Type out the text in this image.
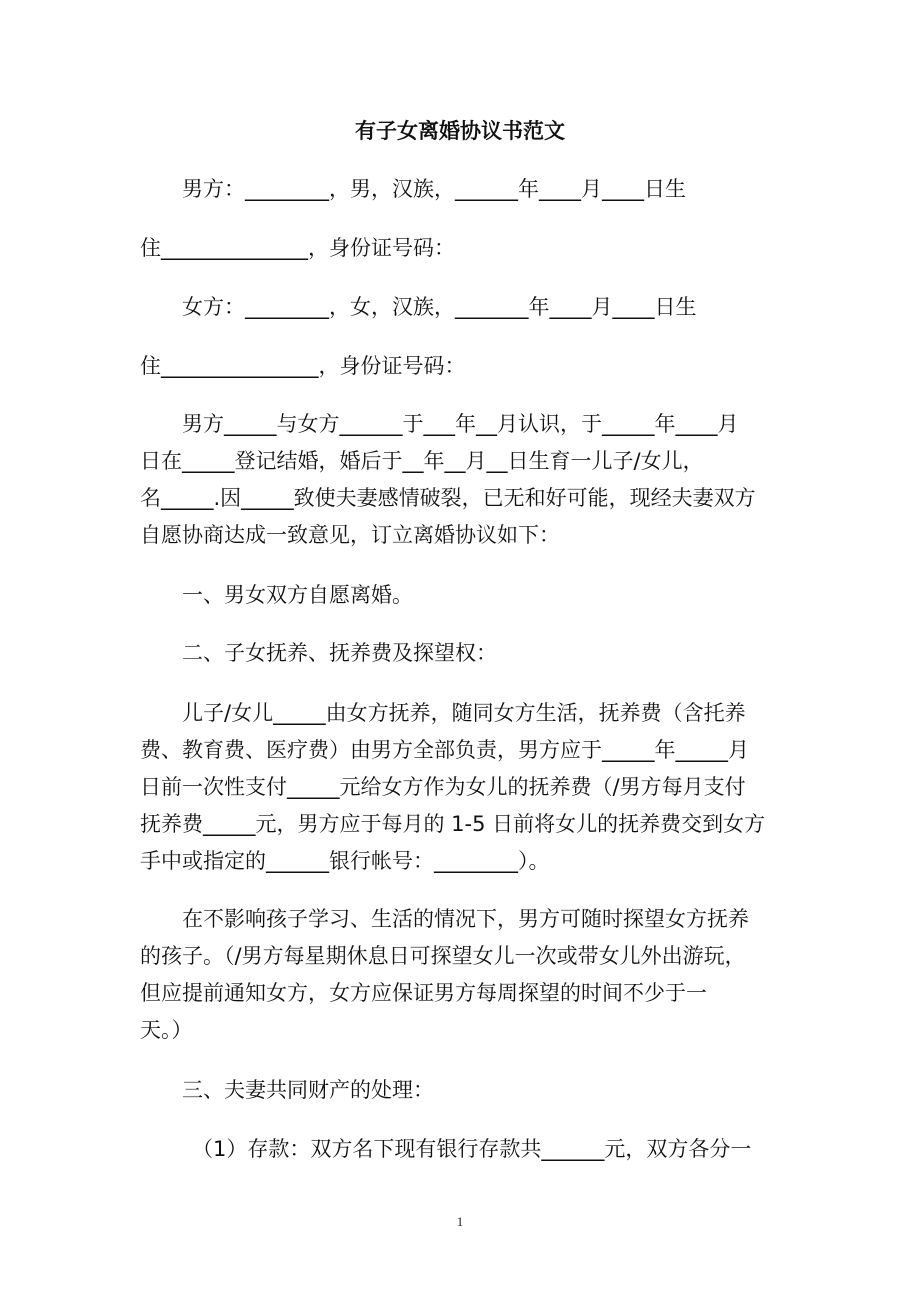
有子女离婚协议书范文
男方：________，男，汉族，______年____月____日生
住______________，身份证号码：
女方：________，女，汉族，_______年____月____日生
住_______________，身份证号码：
男方_____与女方______于___年__月认识，于_____年____月
日在_____登记结婚，婚后于__年__月__日生育一儿子/女儿，
名_____.因_____致使夫妻感情破裂，已无和好可能，现经夫妻双方
自愿协商达成一致意见，订立离婚协议如下：
一、男女双方自愿离婚。
二、子女抚养、抚养费及探望权：
儿子/女儿_____由女方抚养，随同女方生活，抚养费（含托养
费、教育费、医疗费）由男方全部负责，男方应于_____年_____月
日前一次性支付_____元给女方作为女儿的抚养费（/男方每月支付
抚养费_____元，男方应于每月的 1-5 日前将女儿的抚养费交到女方
手中或指定的______银行帐号：________）。
在不影响孩子学习、生活的情况下，男方可随时探望女方抚养
的孩子。（/男方每星期休息日可探望女儿一次或带女儿外出游玩，
但应提前通知女方，女方应保证男方每周探望的时间不少于一
天。）
三、夫妻共同财产的处理：
（1）存款：双方名下现有银行存款共______元，双方各分一
1
